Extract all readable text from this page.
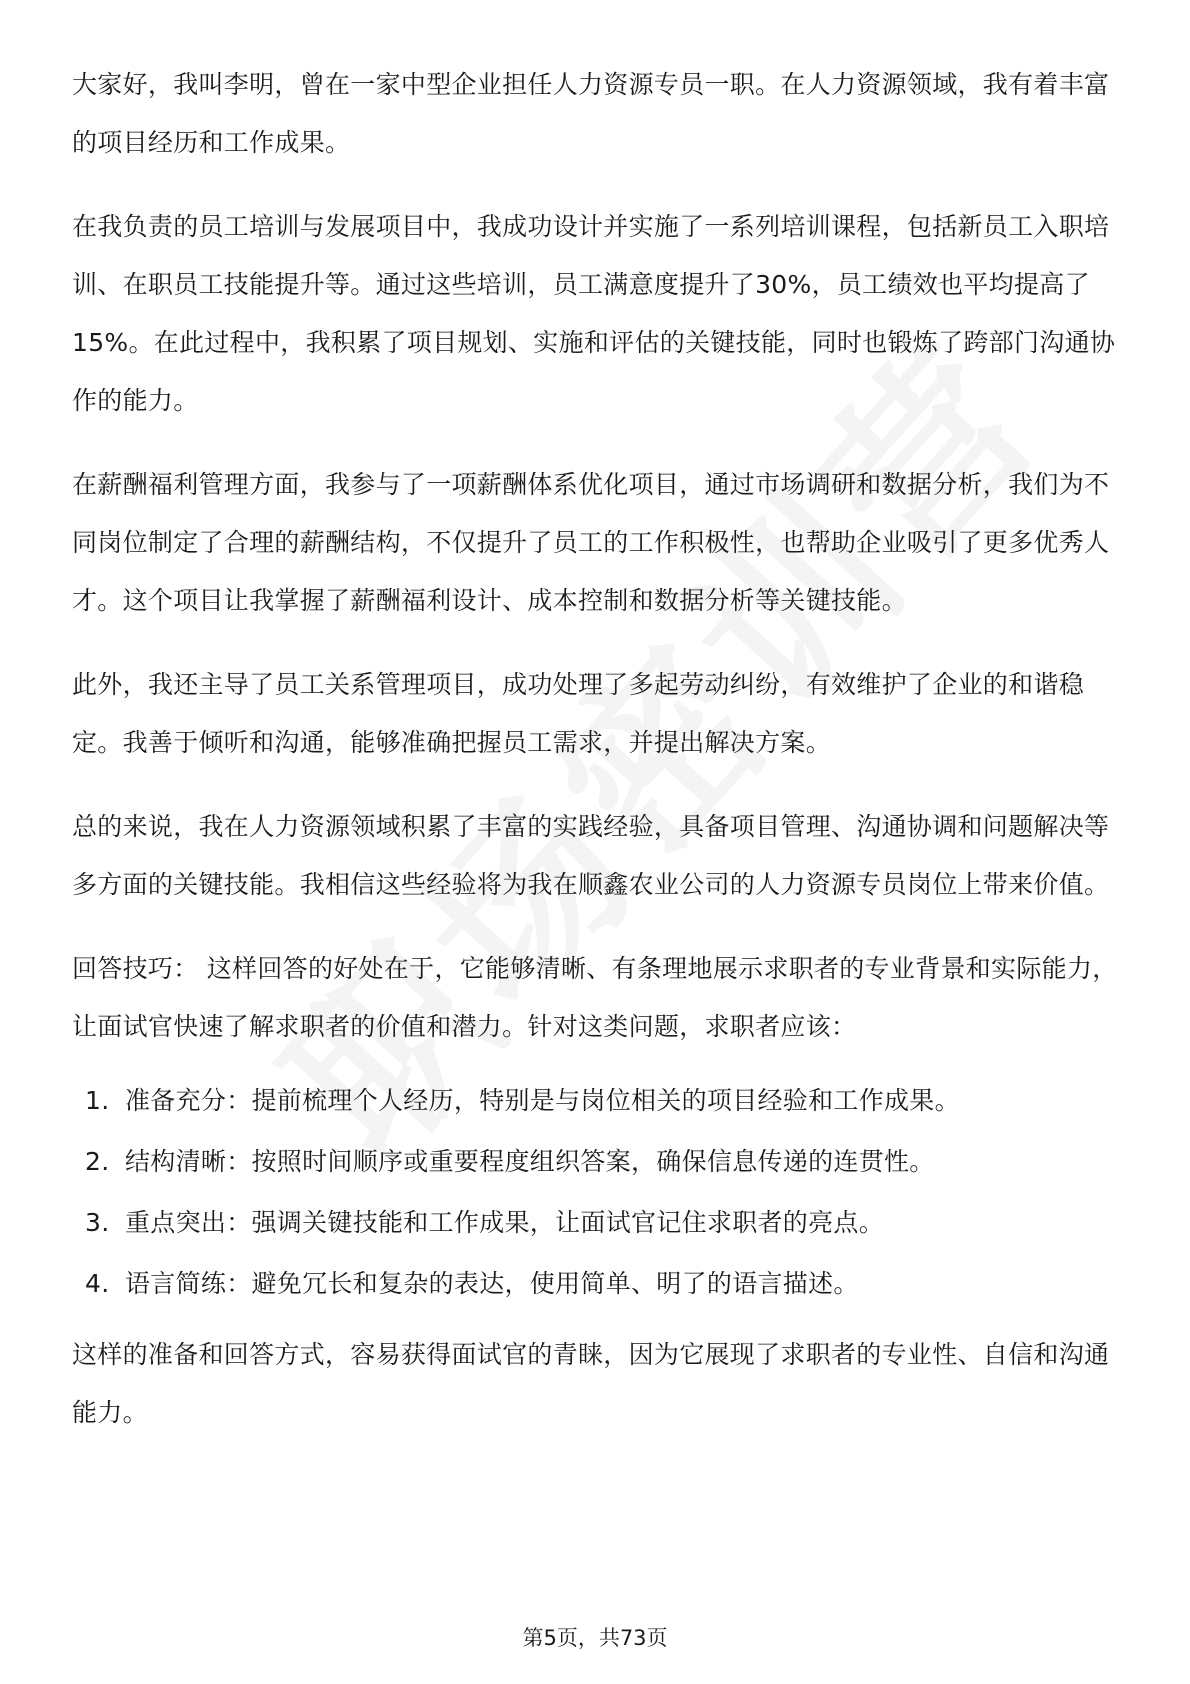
大家好，我叫李明，曾在一家中型企业担任人力资源专员一职。在人力资源领域，我有着丰富的项目经历和工作成果。

在我负责的员工培训与发展项目中，我成功设计并实施了一系列培训课程，包括新员工入职培训、在职员工技能提升等。通过这些培训，员工满意度提升了30%，员工绩效也平均提高了15%。在此过程中，我积累了项目规划、实施和评估的关键技能，同时也锻炼了跨部门沟通协作的能力。

在薪酬福利管理方面，我参与了一项薪酬体系优化项目，通过市场调研和数据分析，我们为不同岗位制定了合理的薪酬结构，不仅提升了员工的工作积极性，也帮助企业吸引了更多优秀人才。这个项目让我掌握了薪酬福利设计、成本控制和数据分析等关键技能。

此外，我还主导了员工关系管理项目，成功处理了多起劳动纠纷，有效维护了企业的和谐稳定。我善于倾听和沟通，能够准确把握员工需求，并提出解决方案。

总的来说，我在人力资源领域积累了丰富的实践经验，具备项目管理、沟通协调和问题解决等多方面的关键技能。我相信这些经验将为我在顺鑫农业公司的人力资源专员岗位上带来价值。

回答技巧： 这样回答的好处在于，它能够清晰、有条理地展示求职者的专业背景和实际能力，让面试官快速了解求职者的价值和潜力。针对这类问题，求职者应该：

1. 准备充分：提前梳理个人经历，特别是与岗位相关的项目经验和工作成果。
2. 结构清晰：按照时间顺序或重要程度组织答案，确保信息传递的连贯性。
3. 重点突出：强调关键技能和工作成果，让面试官记住求职者的亮点。
4. 语言简练：避免冗长和复杂的表达，使用简单、明了的语言描述。

这样的准备和回答方式，容易获得面试官的青睐，因为它展现了求职者的专业性、自信和沟通能力。

第5页，共73页
